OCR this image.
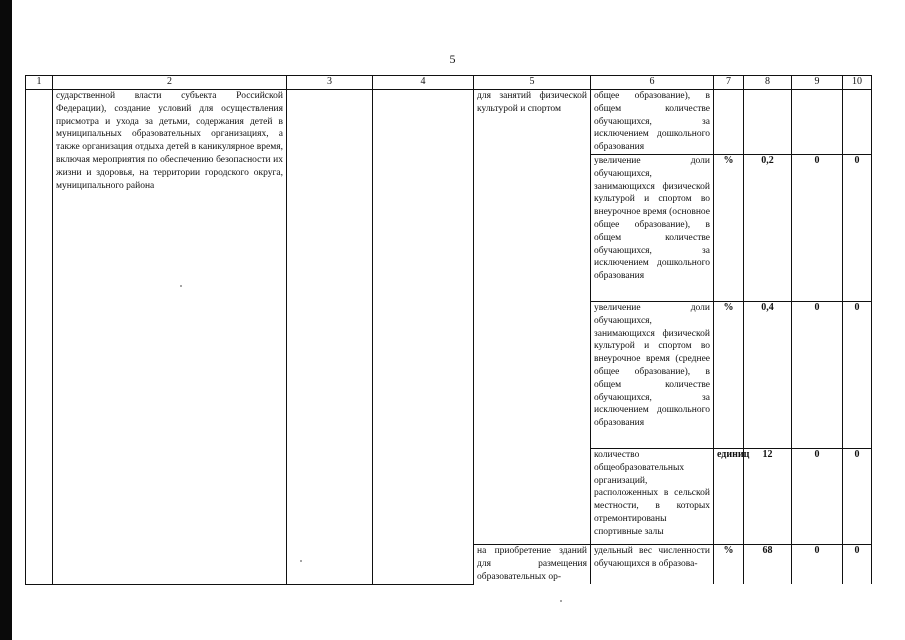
5
1	2	3	4	5	6	7	8	9	10
	сударственной власти субъекта Российской Федерации), создание условий для осуществления присмотра и ухода за детьми, содержания детей в муниципальных образовательных организациях, а также организация отдыха детей в каникулярное время, включая мероприятия по обеспечению безопасности их жизни и здоровья, на территории городского округа, муниципального района			для занятий физической культурой и спортом	общее образование), в общем количестве обучающихся, за исключением дошкольного образования				
					увеличение доли обучающихся, занимающихся физической культурой и спортом во внеурочное время (основное общее образование), в общем количестве обучающихся, за исключением дошкольного образования	%	0,2	0	0
					увеличение доли обучающихся, занимающихся физической культурой и спортом во внеурочное время (среднее общее образование), в общем количестве обучающихся, за исключением дошкольного образования	%	0,4	0	0
					количество общеобразовательных организаций, расположенных в сельской местности, в которых отремонтированы спортивные залы	единиц	12	0	0
				на приобретение зданий для размещения образовательных ор-	удельный вес численности обучающихся в образова-	%	68	0	0
